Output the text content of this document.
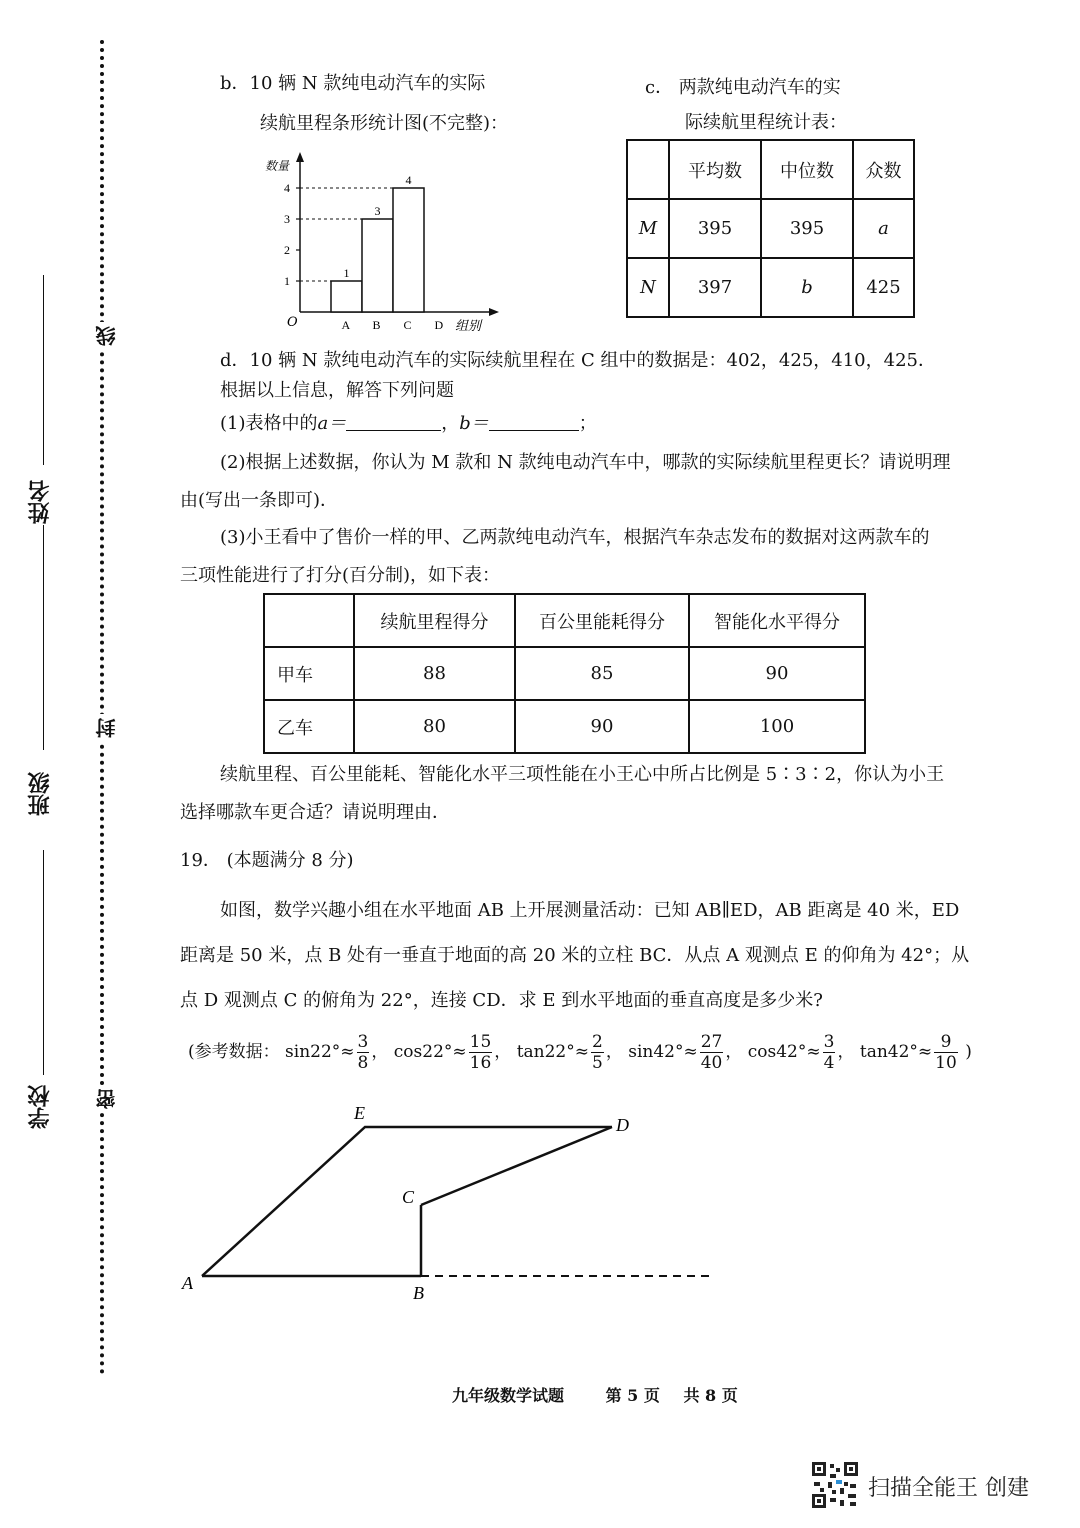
学校
班级
姓名
密
封
线
b．10 辆 N 款纯电动汽车的实际
续航里程条形统计图(不完整)：
数量
O	组别
1
2
3
4
1
3
4
A B C D
c． 两款纯电动汽车的实
际续航里程统计表：
	平均数	中位数	众数
M	395	395	a
N	397	b	425
d．10 辆 N 款纯电动汽车的实际续航里程在 C 组中的数据是：402，425，410，425．
根据以上信息，解答下列问题
(1)表格中的a＝	，b＝	；
(2)根据上述数据，你认为 M 款和 N 款纯电动汽车中，哪款的实际续航里程更长？请说明理
由(写出一条即可)．
(3)小王看中了售价一样的甲、乙两款纯电动汽车，根据汽车杂志发布的数据对这两款车的
三项性能进行了打分(百分制)，如下表：
	续航里程得分	百公里能耗得分	智能化水平得分
甲车	88	85	90
乙车	80	90	100
续航里程、百公里能耗、智能化水平三项性能在小王心中所占比例是 5∶3∶2，你认为小王
选择哪款车更合适？请说明理由．
19． (本题满分 8 分)
如图，数学兴趣小组在水平地面 AB 上开展测量活动：已知 AB∥ED，AB 距离是 40 米，ED
距离是 50 米，点 B 处有一垂直于地面的高 20 米的立柱 BC．从点 A 观测点 E 的仰角为 42°；从
点 D 观测点 C 的俯角为 22°，连接 CD．求 E 到水平地面的垂直高度是多少米?
(参考数据： $\sin 22^\circ\approx \frac{3}{8}$ ， $\cos 22^\circ\approx \frac{15}{16}$ ， $\tan 22^\circ\approx \frac{2}{5}$ ， $\sin 42^\circ\approx \frac{27}{40}$ ， $\cos 42^\circ\approx \frac{3}{4}$ ， $\tan 42^\circ\approx \frac{9}{10}$ )
A	B
C
D
E
九年级数学试题	第 5 页 共 8 页
扫描全能王 创建
